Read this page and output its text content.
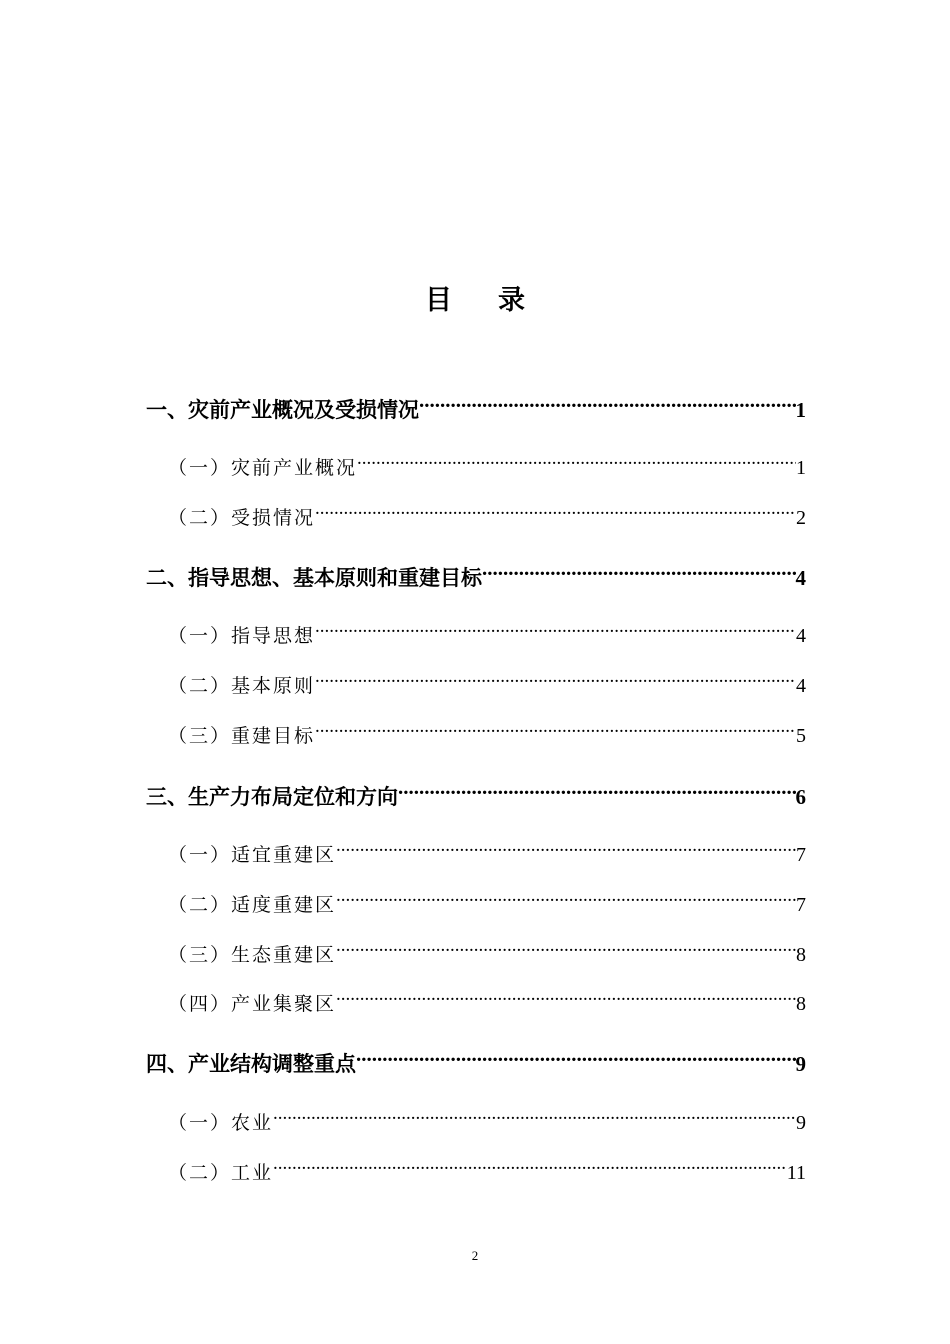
目 录
一、灾前产业概况及受损情况 .....	1
（一）灾前产业概况 .....	1
（二）受损情况 .....	2
二、指导思想、基本原则和重建目标 .....	4
（一）指导思想 .....	4
（二）基本原则 .....	4
（三）重建目标 .....	5
三、生产力布局定位和方向 .....	6
（一）适宜重建区 .....	7
（二）适度重建区 .....	7
（三）生态重建区 .....	8
（四）产业集聚区 .....	8
四、产业结构调整重点 .....	9
（一）农业 .....	9
（二）工业 .....	11
2
